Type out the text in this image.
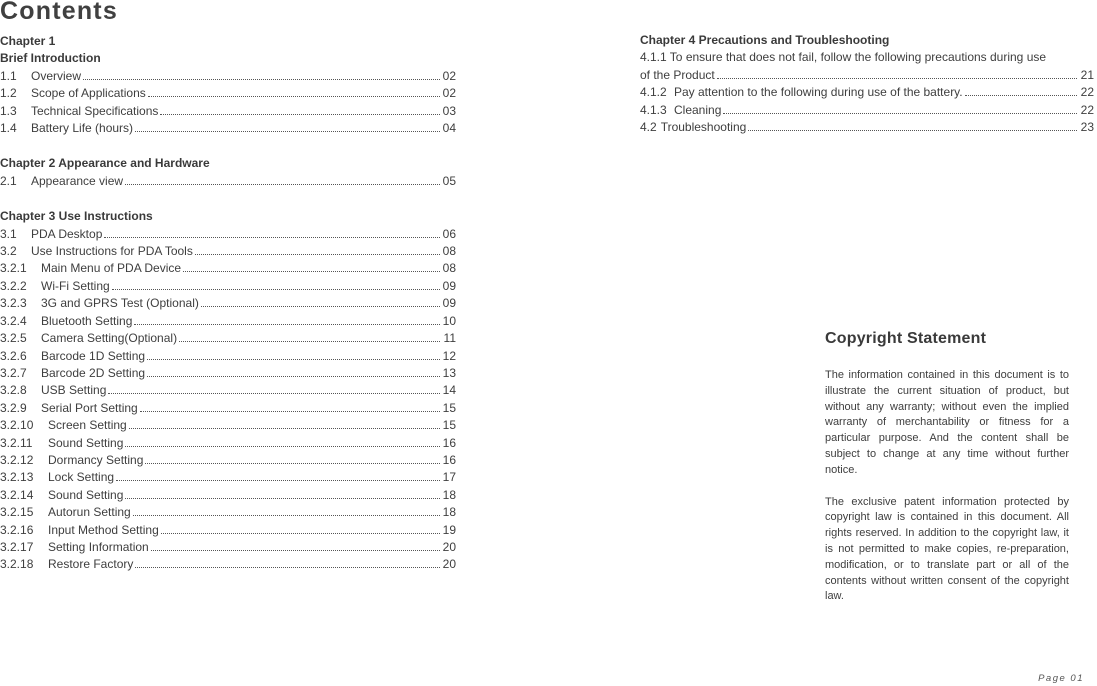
Contents
Chapter 1
Brief Introduction
1.1	Overview	02
1.2	Scope of Applications	02
1.3	Technical Specifications	03
1.4	Battery Life (hours)	04
Chapter 2 Appearance and Hardware
2.1	Appearance view	05
Chapter 3 Use Instructions
3.1	PDA Desktop	06
3.2	Use Instructions for PDA Tools	08
3.2.1	Main Menu of PDA Device	08
3.2.2	Wi-Fi Setting	09
3.2.3	3G and GPRS Test (Optional)	09
3.2.4	Bluetooth Setting	10
3.2.5	Camera Setting(Optional)	11
3.2.6	Barcode 1D Setting	12
3.2.7	Barcode 2D Setting	13
3.2.8	USB Setting	14
3.2.9	Serial Port Setting	15
3.2.10	Screen Setting	15
3.2.11	Sound Setting	16
3.2.12	Dormancy Setting	16
3.2.13	Lock Setting	17
3.2.14	Sound Setting	18
3.2.15	Autorun Setting	18
3.2.16	Input Method Setting	19
3.2.17	Setting Information	20
3.2.18	Restore Factory	20
Chapter 4 Precautions and Troubleshooting
4.1.1 To ensure that does not fail, follow the following precautions during use
of the Product	21
4.1.2 Pay attention to the following during use of the battery.	22
4.1.3 Cleaning	22
4.2 Troubleshooting	23
Copyright Statement

The information contained in this document is to illustrate the current situation of product, but without any warranty; without even the implied warranty of merchantability or fitness for a particular purpose. And the content shall be subject to change at any time without further notice.

The exclusive patent information protected by copyright law is contained in this document. All rights reserved. In addition to the copyright law, it is not permitted to make copies, re-preparation, modification, or to translate part or all of the contents without written consent of the copyright law.

Page 01
